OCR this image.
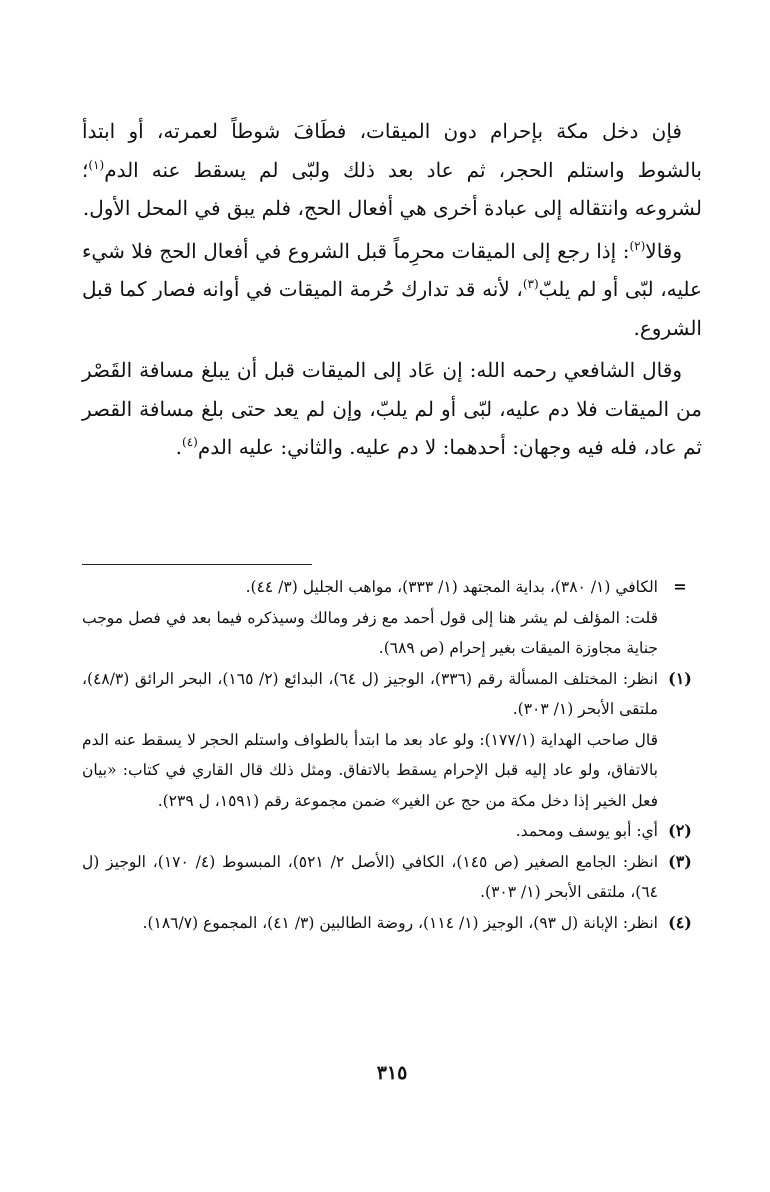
فإن دخل مكة بإحرام دون الميقات، فطَافَ شوطاً لعمرته، أو ابتدأ بالشوط واستلم الحجر، ثم عاد بعد ذلك ولبّى لم يسقط عنه الدم$^{(١)}$؛ لشروعه وانتقاله إلى عبادة أخرى هي أفعال الحج، فلم يبق في المحل الأول.

وقالا$^{(٢)}$: إذا رجع إلى الميقات محرِماً قبل الشروع في أفعال الحج فلا شيء عليه، لبّى أو لم يلبّ$^{(٣)}$، لأنه قد تدارك حُرمة الميقات في أوانه فصار كما قبل الشروع.

وقال الشافعي رحمه الله: إن عَاد إلى الميقات قبل أن يبلغ مسافة القَصْر من الميقات فلا دم عليه، لبّى أو لم يلبّ، وإن لم يعد حتى بلغ مسافة القصر ثم عاد، فله فيه وجهان: أحدهما: لا دم عليه. والثاني: عليه الدم$^{(٤)}$.

=

الكافي (١/ ٣٨٠)، بداية المجتهد (١/ ٣٣٣)، مواهب الجليل (٣/ ٤٤).

قلت: المؤلف لم يشر هنا إلى قول أحمد مع زفر ومالك وسيذكره فيما بعد في فصل موجب جناية مجاوزة الميقات بغير إحرام (ص ٦٨٩).

(١)

انظر: المختلف المسألة رقم (٣٣٦)، الوجيز (ل ٦٤)، البدائع (٢/ ١٦٥)، البحر الرائق (٤٨/٣)، ملتقى الأبحر (١/ ٣٠٣).

قال صاحب الهداية (١٧٧/١): ولو عاد بعد ما ابتدأ بالطواف واستلم الحجر لا يسقط عنه الدم بالاتفاق، ولو عاد إليه قبل الإحرام يسقط بالاتفاق. ومثل ذلك قال القاري في كتاب: «بيان فعل الخير إذا دخل مكة من حج عن الغير» ضمن مجموعة رقم (١٥٩١، ل ٢٣٩).

(٢)

أي: أبو يوسف ومحمد.

(٣)

انظر: الجامع الصغير (ص ١٤٥)، الكافي (الأصل ٢/ ٥٢١)، المبسوط (٤/ ١٧٠)، الوجيز (ل ٦٤)، ملتقى الأبحر (١/ ٣٠٣).

(٤)

انظر: الإبانة (ل ٩٣)، الوجيز (١/ ١١٤)، روضة الطالبين (٣/ ٤١)، المجموع (١٨٦/٧).

٣١٥
